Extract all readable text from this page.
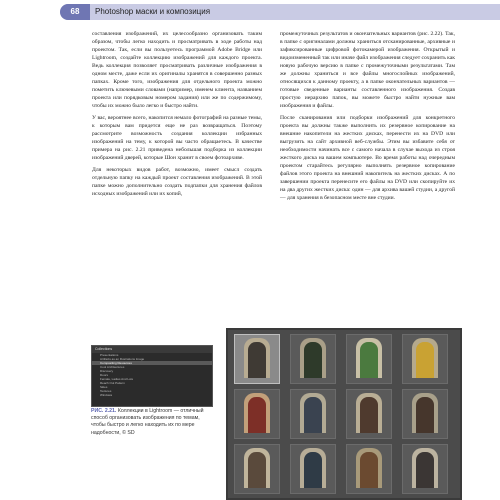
68	Photoshop маски и композиция

составления изображений, их целесообразно организовать таким образом, чтобы легко находить и просматривать в ходе работы над проектом. Так, если вы пользуетесь программой Adobe Bridge или Lightroom, создайте коллекцию изображений для каждого проекта. Ведь коллекция позволяет просматривать различные изображения в одном месте, даже если их оригиналы хранятся в совершенно разных папках. Кроме того, изображения для отдельного проекта можно пометить ключевыми словами (например, именем клиента, названием проекта или порядковым номером задания) или же по содержимому, чтобы их можно было легко и быстро найти.

У вас, вероятнее всего, накопится немало фотографий на разные темы, к которым вам придется еще не раз возвращаться. Поэтому рассмотрите возможность создания коллекции избранных изображений на тему, к которой вы часто обращаетесь. В качестве примера на рис. 2.21 приведена небольшая подборка из коллекции изображений дверей, которые Шон хранит в своем фотоархиве.

Для некоторых видов работ, возможно, имеет смысл создать отдельную папку на каждый проект составления изображений. В этой папке можно дополнительно создать подпапки для хранения файлов исходных изображений или их копий,

промежуточных результатов и окончательных вариантов (рис. 2.22). Так, в папке с оригиналами должны храниться отсканированные, архивные и зафиксированные цифровой фотокамерой изображения. Открытый и видоизмененный так или иначе файл изображения следует сохранить как новую рабочую версию в папке с промежуточными результатами. Там же должны храниться и все файлы многослойных изображений, относящихся к данному проекту, а в папке окончательных вариантов — готовые сведенные варианты составленного изображения. Создав простую иерархию папок, вы можете быстро найти нужные вам изображения и файлы.

После сканирования или подборки изображений для конкретного проекта вы должны также выполнить их резервное копирование на внешние накопители на жестких дисках, перенести их на DVD или выгрузить на сайт архивной веб-службы. Этим вы избавите себя от необходимости начинать все с самого начала в случае выхода из строя жесткого диска на вашем компьютере. Во время работы над очередным проектом старайтесь регулярно выполнять резервное копирование файлов этого проекта на внешний накопитель на жестких дисках. А по завершении проекта перенесите его файлы на DVD или скопируйте их на два других жестких диска: один — для архива вашей студии, а другой — для хранения в безопасном месте вне студии.

Collections
Presentations
Artifacts as an Illustrations Image
Compositing Resources
Cool Architectures
Discovery
Doors
Female, Ladies And Lots
Reach Out Pattern
Skies
Textures
Windows
РИС. 2.21. Коллекции в Lightroom — отличный способ организовать изображения по темам, чтобы быстро и легко находить их по мере надобности, © SD
